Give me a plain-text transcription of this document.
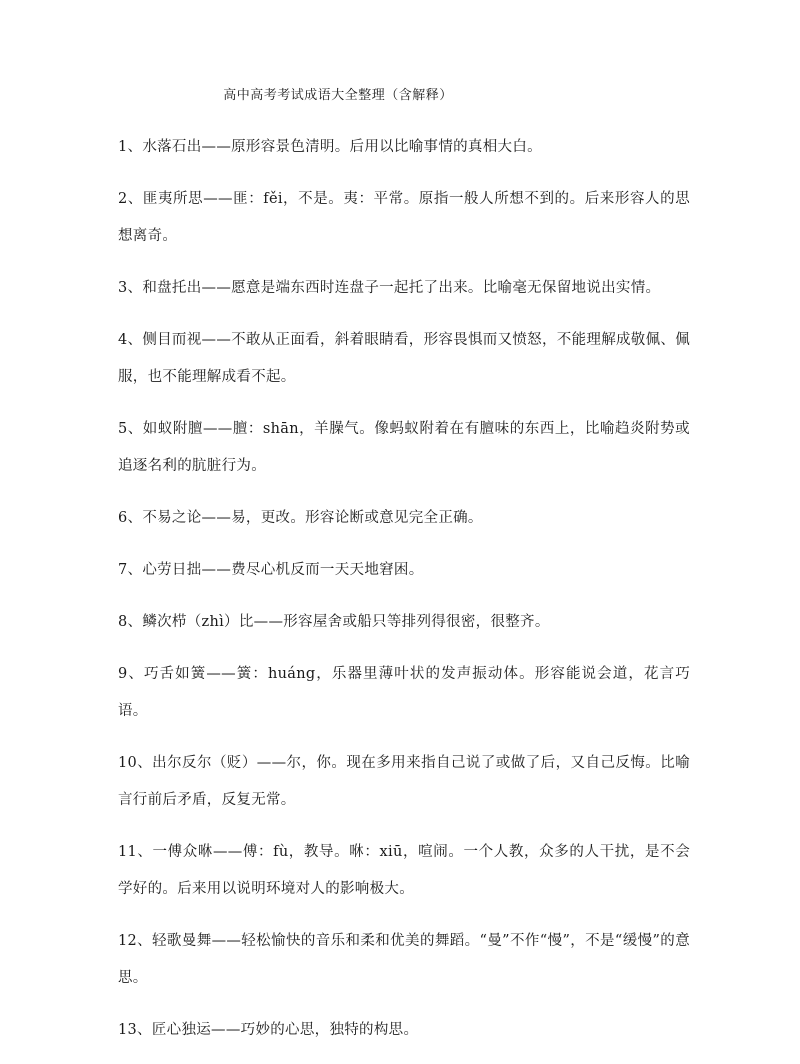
高中高考考试成语大全整理（含解释）

1、水落石出——原形容景色清明。后用以比喻事情的真相大白。

2、匪夷所思——匪：fěi，不是。夷：平常。原指一般人所想不到的。后来形容人的思想离奇。

3、和盘托出——愿意是端东西时连盘子一起托了出来。比喻毫无保留地说出实情。

4、侧目而视——不敢从正面看，斜着眼睛看，形容畏惧而又愤怒，不能理解成敬佩、佩服，也不能理解成看不起。

5、如蚁附膻——膻：shān，羊臊气。像蚂蚁附着在有膻味的东西上，比喻趋炎附势或追逐名利的肮脏行为。

6、不易之论——易，更改。形容论断或意见完全正确。

7、心劳日拙——费尽心机反而一天天地窘困。

8、鳞次栉（zhì）比——形容屋舍或船只等排列得很密，很整齐。

9、巧舌如簧——簧：huáng，乐器里薄叶状的发声振动体。形容能说会道，花言巧语。

10、出尔反尔（贬）——尔，你。现在多用来指自己说了或做了后，又自己反悔。比喻言行前后矛盾，反复无常。

11、一傅众咻——傅：fù，教导。咻：xiū，喧闹。一个人教，众多的人干扰，是不会学好的。后来用以说明环境对人的影响极大。

12、轻歌曼舞——轻松愉快的音乐和柔和优美的舞蹈。“曼”不作“慢”，不是“缓慢”的意思。

13、匠心独运——巧妙的心思，独特的构思。
